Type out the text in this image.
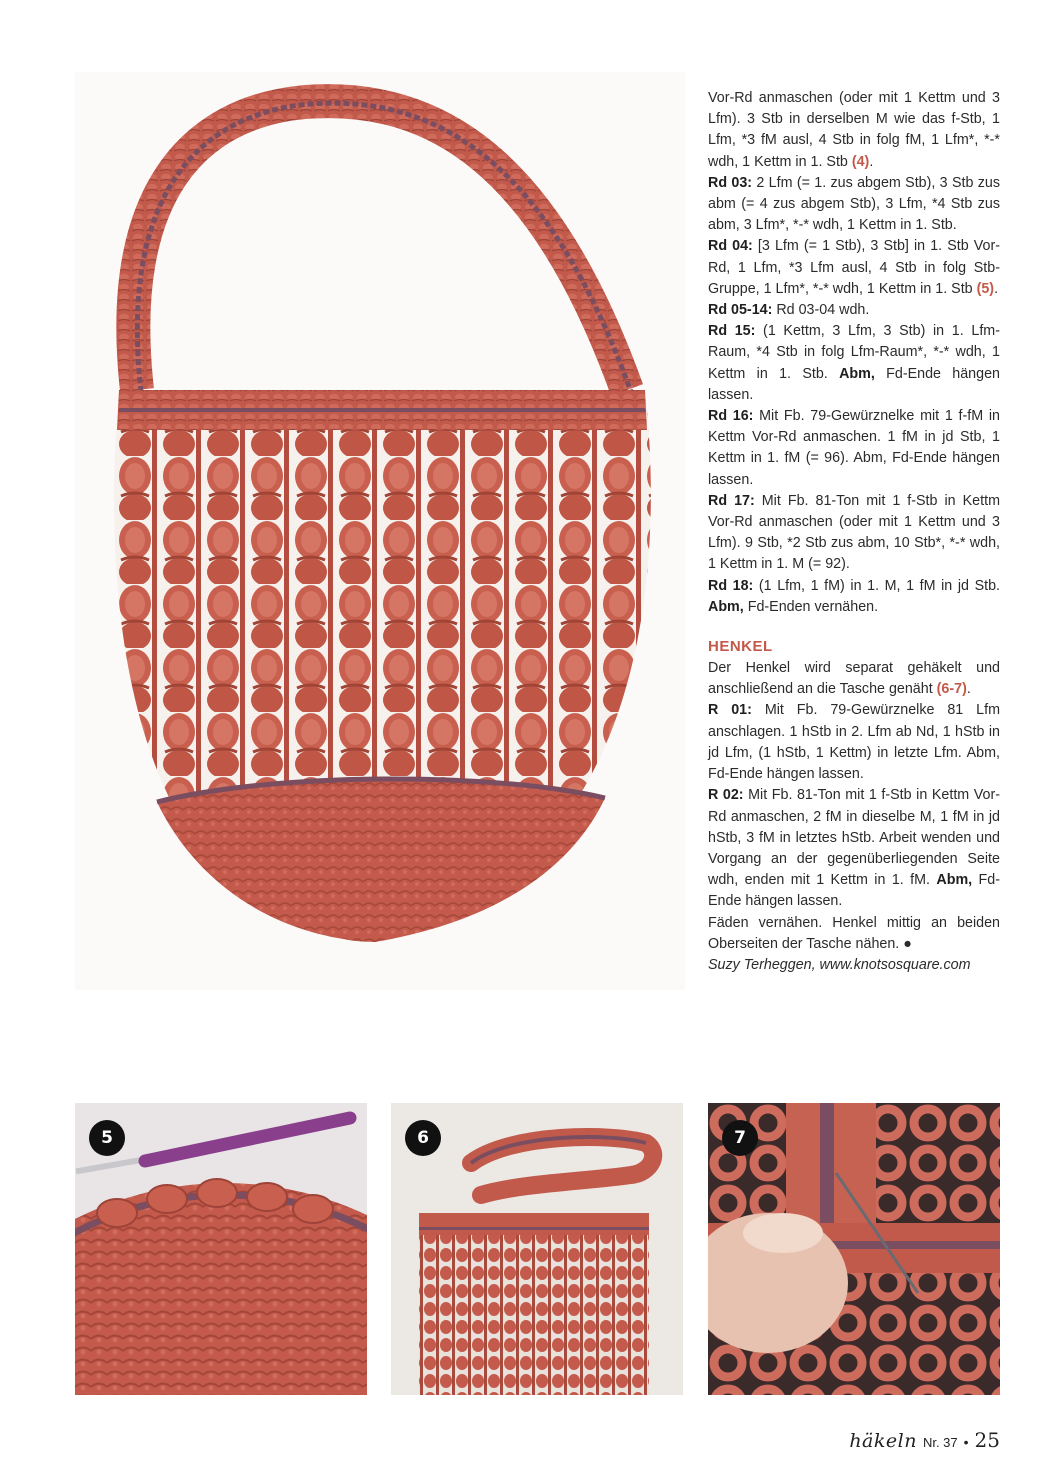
Vor-Rd anmaschen (oder mit 1 Kettm und 3 Lfm). 3 Stb in derselben M wie das f-Stb, 1 Lfm, *3 fM ausl, 4 Stb in folg fM, 1 Lfm*, *-* wdh, 1 Kettm in 1. Stb (4).

Rd 03: 2 Lfm (= 1. zus abgem Stb), 3 Stb zus abm (= 4 zus abgem Stb), 3 Lfm, *4 Stb zus abm, 3 Lfm*, *-* wdh, 1 Kettm in 1. Stb.

Rd 04: [3 Lfm (= 1 Stb), 3 Stb] in 1. Stb Vor-Rd, 1 Lfm, *3 Lfm ausl, 4 Stb in folg Stb-Gruppe, 1 Lfm*, *-* wdh, 1 Kettm in 1. Stb (5).

Rd 05-14: Rd 03-04 wdh.

Rd 15: (1 Kettm, 3 Lfm, 3 Stb) in 1. Lfm-Raum, *4 Stb in folg Lfm-Raum*, *-* wdh, 1 Kettm in 1. Stb. Abm, Fd-Ende hängen lassen.

Rd 16: Mit Fb. 79-Gewürznelke mit 1 f-fM in Kettm Vor-Rd anmaschen. 1 fM in jd Stb, 1 Kettm in 1. fM (= 96). Abm, Fd-Ende hängen lassen.

Rd 17: Mit Fb. 81-Ton mit 1 f-Stb in Kettm Vor-Rd anmaschen (oder mit 1 Kettm und 3 Lfm). 9 Stb, *2 Stb zus abm, 10 Stb*, *-* wdh, 1 Kettm in 1. M (= 92).

Rd 18: (1 Lfm, 1 fM) in 1. M, 1 fM in jd Stb. Abm, Fd-Enden vernähen.

HENKEL

Der Henkel wird separat gehäkelt und anschließend an die Tasche genäht (6-7).

R 01: Mit Fb. 79-Gewürznelke 81 Lfm anschlagen. 1 hStb in 2. Lfm ab Nd, 1 hStb in jd Lfm, (1 hStb, 1 Kettm) in letzte Lfm. Abm, Fd-Ende hängen lassen.

R 02: Mit Fb. 81-Ton mit 1 f-Stb in Kettm Vor-Rd anmaschen, 2 fM in dieselbe M, 1 fM in jd hStb, 3 fM in letztes hStb. Arbeit wenden und Vorgang an der gegenüberliegenden Seite wdh, enden mit 1 Kettm in 1. fM. Abm, Fd-Ende hängen lassen.

Fäden vernähen. Henkel mittig an beiden Oberseiten der Tasche nähen. ●

Suzy Terheggen, www.knotsosquare.com

5	6	7
häkeln Nr. 37 • 25
